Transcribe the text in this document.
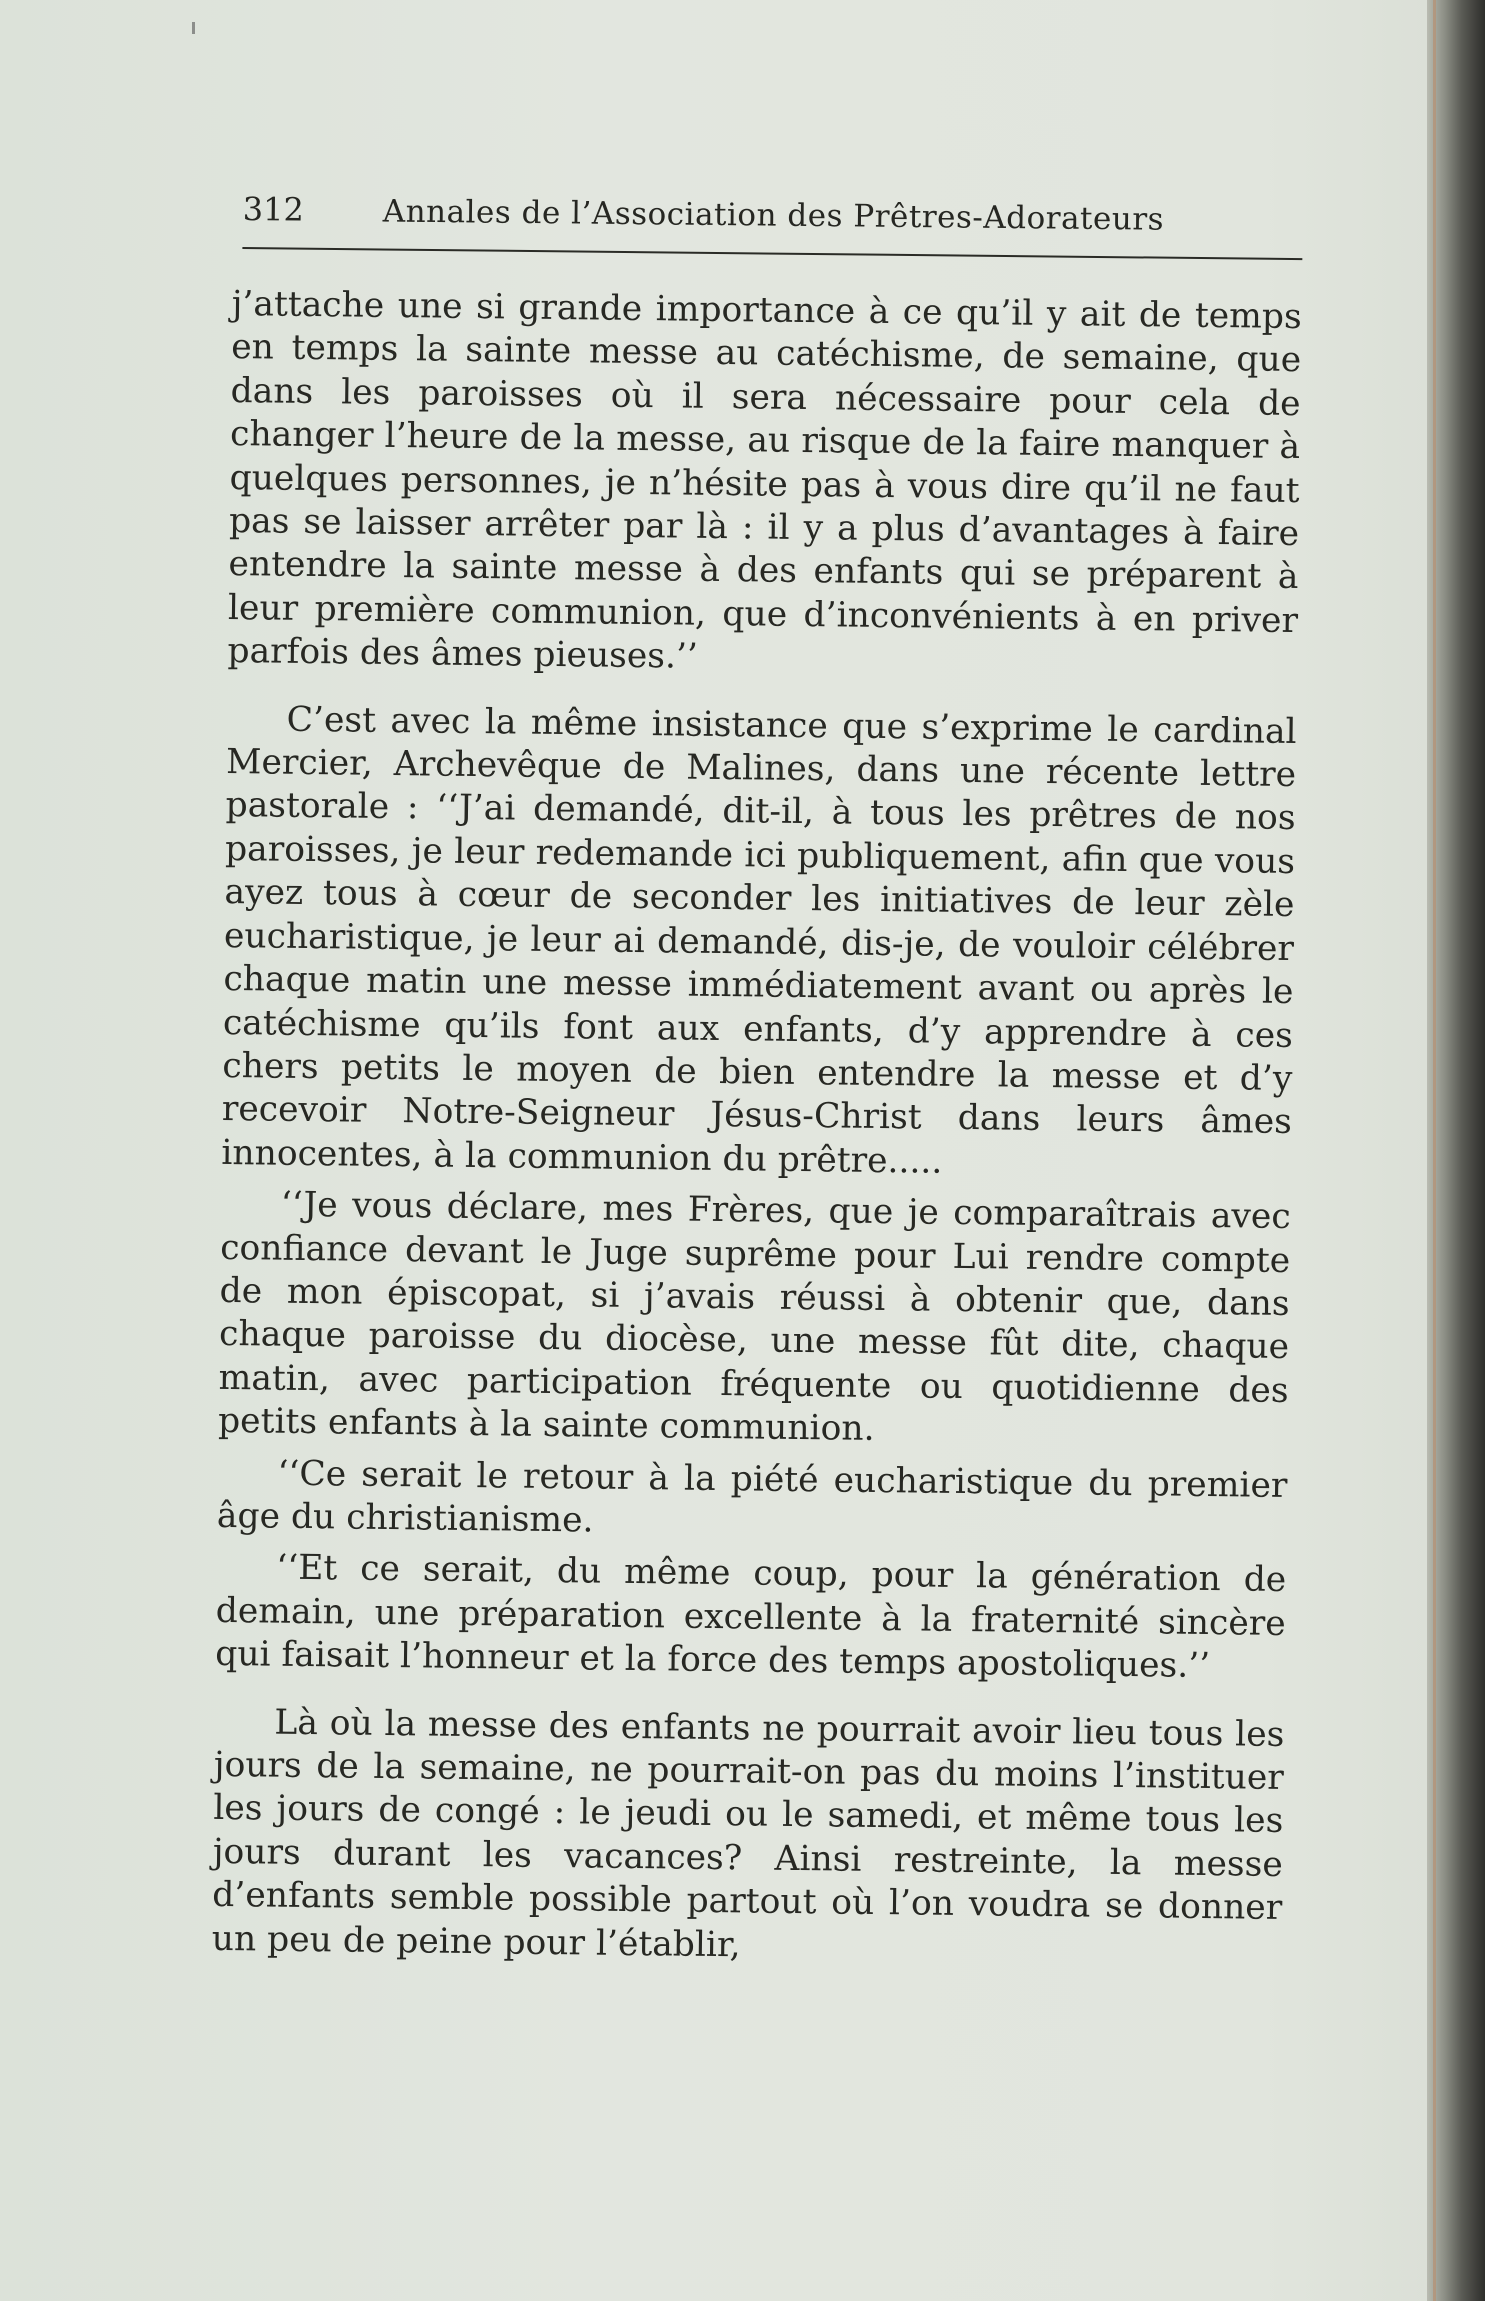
312	Annales de l’Association des Prêtres-Adorateurs

j’attache une si grande importance à ce qu’il y ait de temps en temps la sainte messe au catéchisme, de semaine, que dans les paroisses où il sera nécessaire pour cela de changer l’heure de la messe, au risque de la faire manquer à quelques personnes, je n’hésite pas à vous dire qu’il ne faut pas se laisser arrêter par là : il y a plus d’avantages à faire entendre la sainte messe à des enfants qui se préparent à leur première communion, que d’inconvénients à en priver parfois des âmes pieuses.’’

C’est avec la même insistance que s’exprime le cardinal Mercier, Archevêque de Malines, dans une récente lettre pastorale : ‘‘J’ai demandé, dit-il, à tous les prêtres de nos paroisses, je leur redemande ici publiquement, afin que vous ayez tous à cœur de seconder les initiatives de leur zèle eucharistique, je leur ai demandé, dis-je, de vouloir célébrer chaque matin une messe immédiatement avant ou après le catéchisme qu’ils font aux enfants, d’y apprendre à ces chers petits le moyen de bien entendre la messe et d’y recevoir Notre-Seigneur Jésus-Christ dans leurs âmes innocentes, à la communion du prêtre.....

‘‘Je vous déclare, mes Frères, que je comparaîtrais avec confiance devant le Juge suprême pour Lui rendre compte de mon épiscopat, si j’avais réussi à obtenir que, dans chaque paroisse du diocèse, une messe fût dite, chaque matin, avec participation fréquente ou quotidienne des petits enfants à la sainte communion.

‘‘Ce serait le retour à la piété eucharistique du premier âge du christianisme.

‘‘Et ce serait, du même coup, pour la génération de demain, une préparation excellente à la fraternité sincère qui faisait l’honneur et la force des temps apostoliques.’’

Là où la messe des enfants ne pourrait avoir lieu tous les jours de la semaine, ne pourrait-on pas du moins l’instituer les jours de congé : le jeudi ou le samedi, et même tous les jours durant les vacances? Ainsi restreinte, la messe d’enfants semble possible partout où l’on voudra se donner un peu de peine pour l’établir,
